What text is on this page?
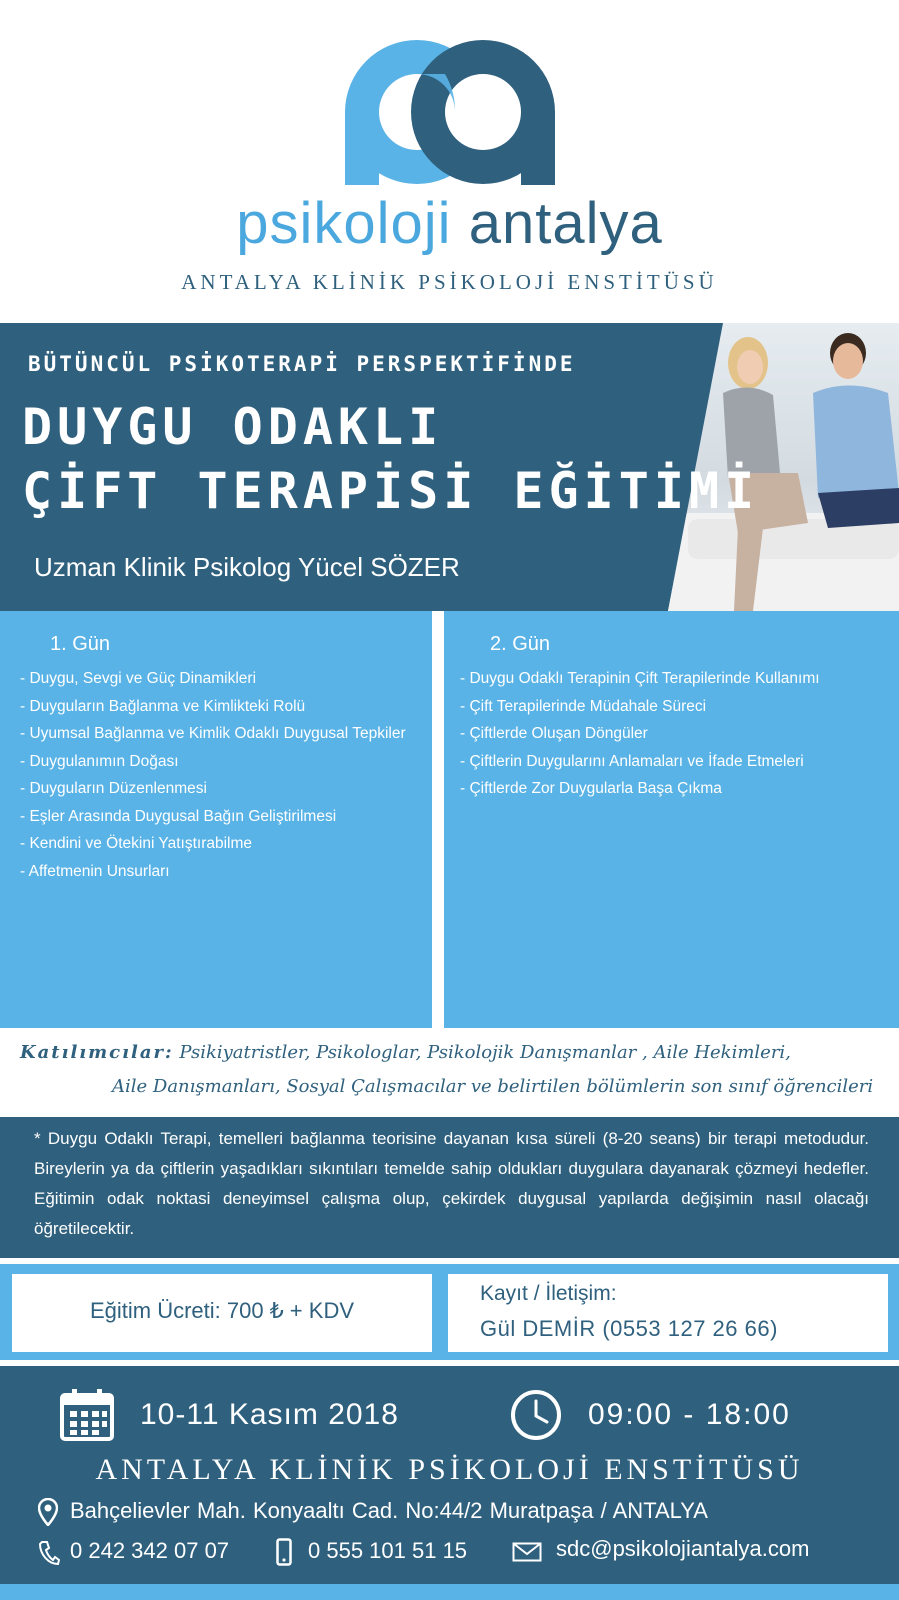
psikoloji antalya
ANTALYA KLİNİK PSİKOLOJİ ENSTİTÜSÜ
BÜTÜNCÜL PSİKOTERAPİ PERSPEKTİFİNDE
DUYGU ODAKLI
ÇİFT TERAPİSİ EĞİTİMİ
Uzman Klinik Psikolog Yücel SÖZER
1. Gün
- Duygu, Sevgi ve Güç Dinamikleri
- Duyguların Bağlanma ve Kimlikteki Rolü
- Uyumsal Bağlanma ve Kimlik Odaklı Duygusal Tepkiler
- Duygulanımın Doğası
- Duyguların Düzenlenmesi
- Eşler Arasında Duygusal Bağın Geliştirilmesi
- Kendini ve Ötekini Yatıştırabilme
- Affetmenin Unsurları
2. Gün
- Duygu Odaklı Terapinin Çift Terapilerinde Kullanımı
- Çift Terapilerinde Müdahale Süreci
- Çiftlerde Oluşan Döngüler
- Çiftlerin Duygularını Anlamaları ve İfade Etmeleri
- Çiftlerde Zor Duygularla Başa Çıkma
Katılımcılar: Psikiyatristler, Psikologlar, Psikolojik Danışmanlar , Aile Hekimleri,
Aile Danışmanları, Sosyal Çalışmacılar ve belirtilen bölümlerin son sınıf öğrencileri
* Duygu Odaklı Terapi, temelleri bağlanma teorisine dayanan kısa süreli (8-20 seans) bir terapi metodudur. Bireylerin ya da çiftlerin yaşadıkları sıkıntıları temelde sahip oldukları duygulara dayanarak çözmeyi hedefler. Eğitimin odak noktasi deneyimsel çalışma olup, çekirdek duygusal yapılarda değişimin nasıl olacağı öğretilecektir.
Eğitim Ücreti: 700 ₺ + KDV
Kayıt / İletişim:
Gül DEMİR (0553 127 26 66)
10-11 Kasım 2018	09:00 - 18:00
ANTALYA KLİNİK PSİKOLOJİ ENSTİTÜSÜ
Bahçelievler Mah. Konyaaltı Cad. No:44/2 Muratpaşa / ANTALYA
0 242 342 07 07	0 555 101 51 15	sdc@psikolojiantalya.com
